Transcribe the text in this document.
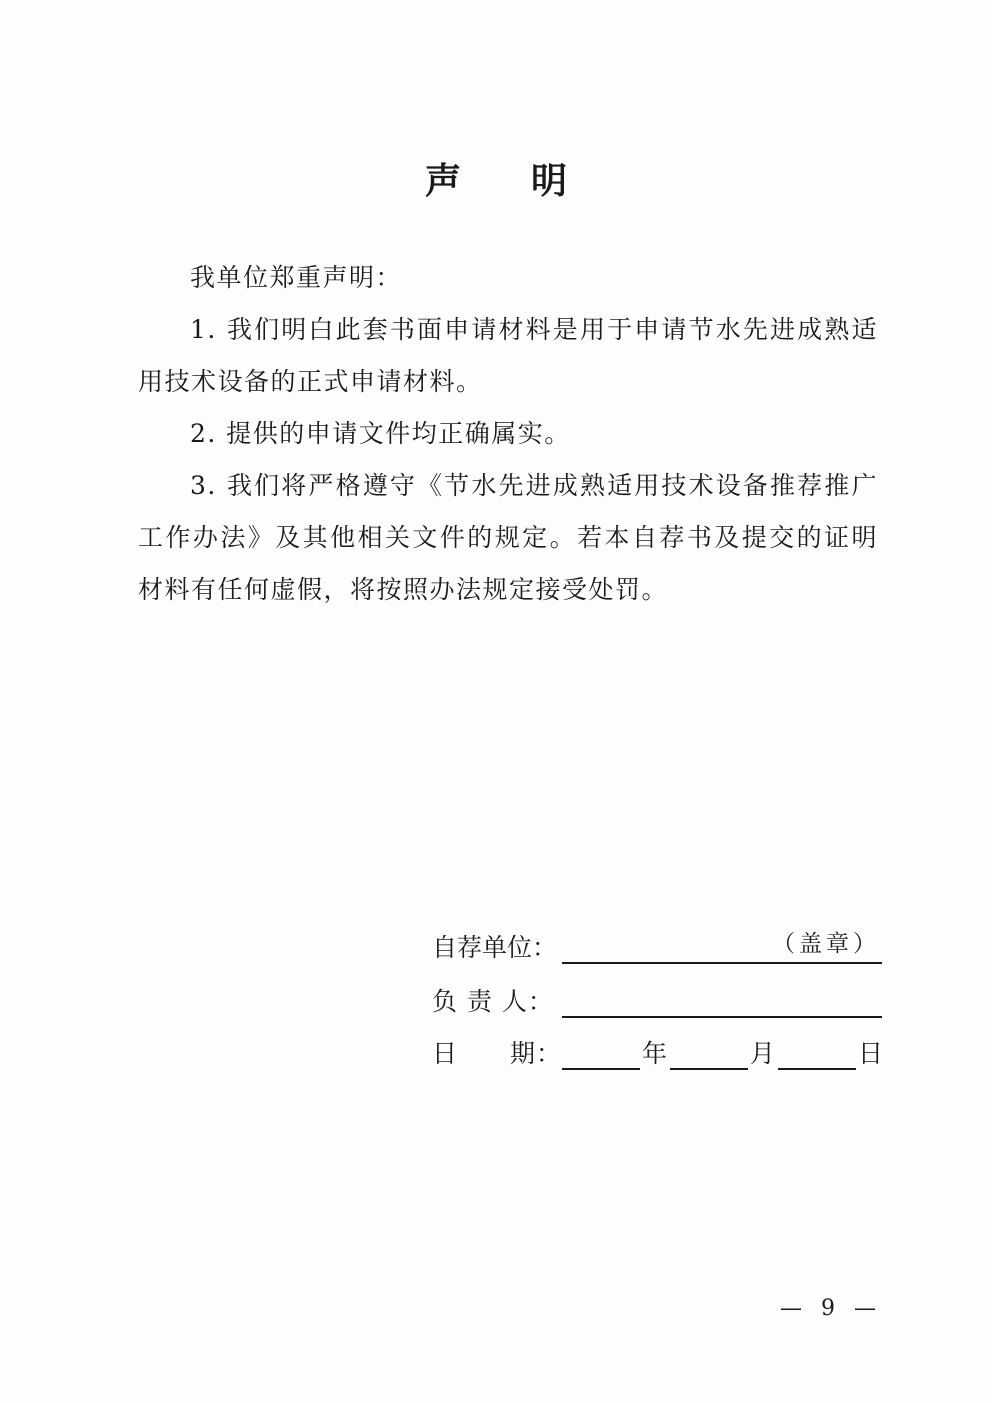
声明

我单位郑重声明：

1. 我们明白此套书面申请材料是用于申请节水先进成熟适用技术设备的正式申请材料。

2. 提供的申请文件均正确属实。

3. 我们将严格遵守《节水先进成熟适用技术设备推荐推广工作办法》及其他相关文件的规定。若本自荐书及提交的证明材料有任何虚假，将按照办法规定接受处罚。

自荐单位：	（盖章）
负 责 人：
日 期：	年	月	日
— 9 —
